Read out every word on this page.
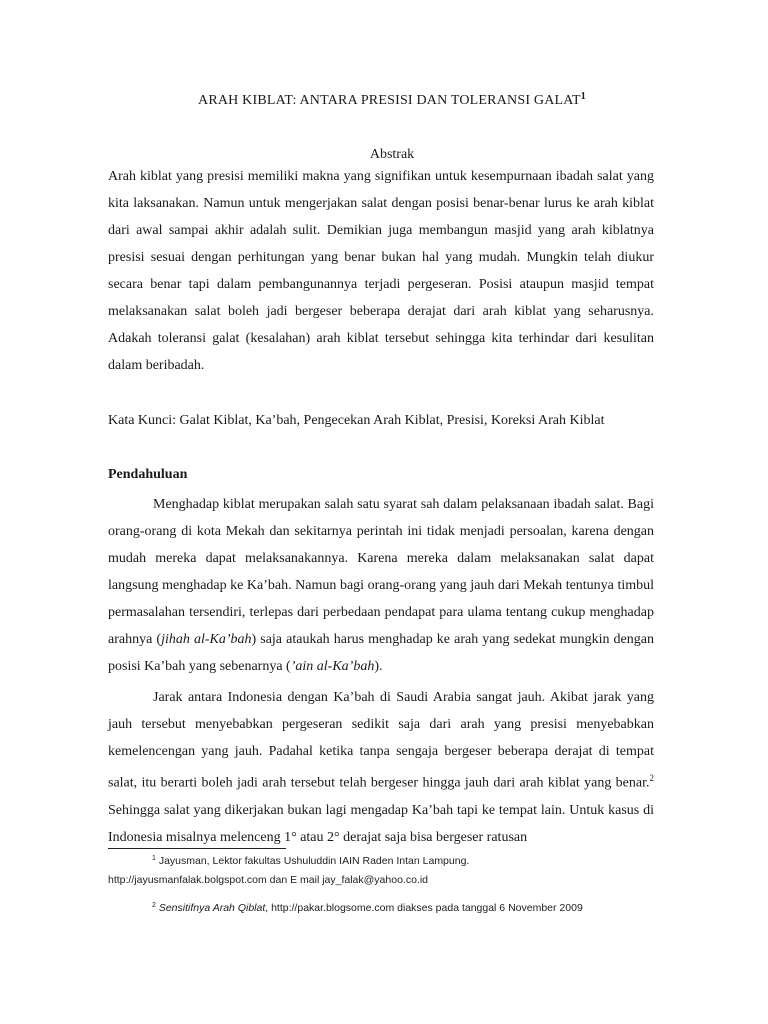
ARAH KIBLAT: ANTARA PRESISI DAN TOLERANSI GALAT$^1$
Abstrak

Arah kiblat yang presisi memiliki makna yang signifikan untuk kesempurnaan ibadah salat yang kita laksanakan. Namun untuk mengerjakan salat dengan posisi benar-benar lurus ke arah kiblat dari awal sampai akhir adalah sulit. Demikian juga membangun masjid yang arah kiblatnya presisi sesuai dengan perhitungan yang benar bukan hal yang mudah. Mungkin telah diukur secara benar tapi dalam pembangunannya terjadi pergeseran. Posisi ataupun masjid tempat melaksanakan salat boleh jadi bergeser beberapa derajat dari arah kiblat yang seharusnya. Adakah toleransi galat (kesalahan) arah kiblat tersebut sehingga kita terhindar dari kesulitan dalam beribadah.

Kata Kunci: Galat Kiblat, Ka’bah, Pengecekan Arah Kiblat, Presisi, Koreksi Arah Kiblat
Pendahuluan

Menghadap kiblat merupakan salah satu syarat sah dalam pelaksanaan ibadah salat. Bagi orang-orang di kota Mekah dan sekitarnya perintah ini tidak menjadi persoalan, karena dengan mudah mereka dapat melaksanakannya. Karena mereka dalam melaksanakan salat dapat langsung menghadap ke Ka’bah. Namun bagi orang-orang yang jauh dari Mekah tentunya timbul permasalahan tersendiri, terlepas dari perbedaan pendapat para ulama tentang cukup menghadap arahnya (jihah al-Ka’bah) saja ataukah harus menghadap ke arah yang sedekat mungkin dengan posisi Ka’bah yang sebenarnya (’ain al-Ka’bah).

Jarak antara Indonesia dengan Ka’bah di Saudi Arabia sangat jauh. Akibat jarak yang jauh tersebut menyebabkan pergeseran sedikit saja dari arah yang presisi menyebabkan kemelencengan yang jauh. Padahal ketika tanpa sengaja bergeser beberapa derajat di tempat salat, itu berarti boleh jadi arah tersebut telah bergeser hingga jauh dari arah kiblat yang benar.$^2$ Sehingga salat yang dikerjakan bukan lagi mengadap Ka’bah tapi ke tempat lain. Untuk kasus di Indonesia misalnya melenceng 1° atau 2° derajat saja bisa bergeser ratusan

$^1$ Jayusman, Lektor fakultas Ushuluddin IAIN Raden Intan Lampung.
http://jayusmanfalak.bolgspot.com dan E mail jay_falak@yahoo.co.id
$^2$ Sensitifnya Arah Qiblat, http://pakar.blogsome.com diakses pada tanggal 6 November 2009
